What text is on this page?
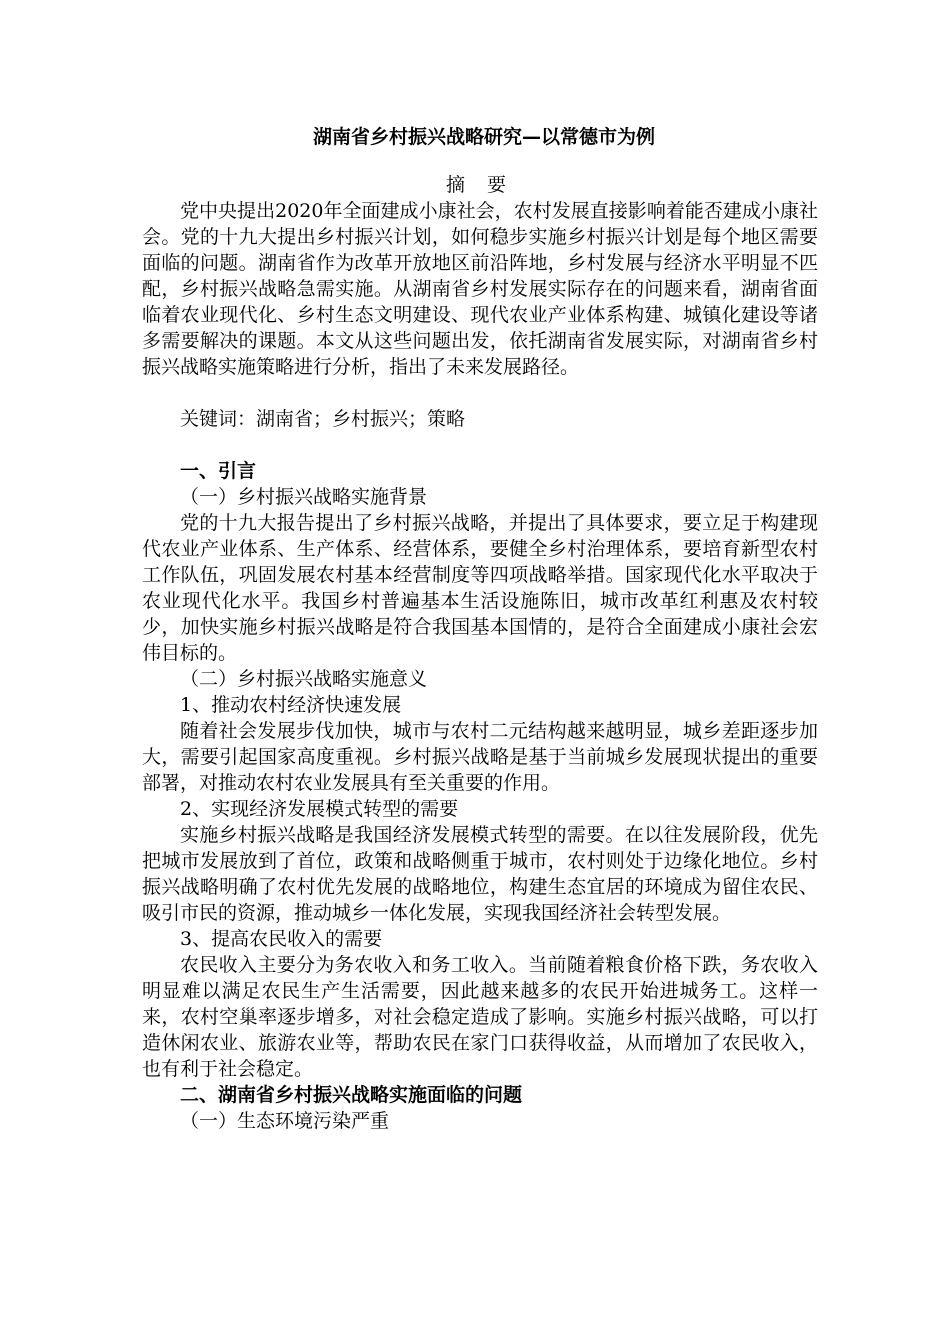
湖南省乡村振兴战略研究—以常德市为例
摘 要

党中央提出2020年全面建成小康社会，农村发展直接影响着能否建成小康社会。党的十九大提出乡村振兴计划，如何稳步实施乡村振兴计划是每个地区需要面临的问题。湖南省作为改革开放地区前沿阵地，乡村发展与经济水平明显不匹配，乡村振兴战略急需实施。从湖南省乡村发展实际存在的问题来看，湖南省面临着农业现代化、乡村生态文明建设、现代农业产业体系构建、城镇化建设等诸多需要解决的课题。本文从这些问题出发，依托湖南省发展实际，对湖南省乡村振兴战略实施策略进行分析，指出了未来发展路径。

关键词：湖南省；乡村振兴；策略

一、引言
（一）乡村振兴战略实施背景

党的十九大报告提出了乡村振兴战略，并提出了具体要求，要立足于构建现代农业产业体系、生产体系、经营体系，要健全乡村治理体系，要培育新型农村工作队伍，巩固发展农村基本经营制度等四项战略举措。国家现代化水平取决于农业现代化水平。我国乡村普遍基本生活设施陈旧，城市改革红利惠及农村较少，加快实施乡村振兴战略是符合我国基本国情的，是符合全面建成小康社会宏伟目标的。

（二）乡村振兴战略实施意义
1、推动农村经济快速发展

随着社会发展步伐加快，城市与农村二元结构越来越明显，城乡差距逐步加大，需要引起国家高度重视。乡村振兴战略是基于当前城乡发展现状提出的重要部署，对推动农村农业发展具有至关重要的作用。

2、实现经济发展模式转型的需要

实施乡村振兴战略是我国经济发展模式转型的需要。在以往发展阶段，优先把城市发展放到了首位，政策和战略侧重于城市，农村则处于边缘化地位。乡村振兴战略明确了农村优先发展的战略地位，构建生态宜居的环境成为留住农民、吸引市民的资源，推动城乡一体化发展，实现我国经济社会转型发展。

3、提高农民收入的需要

农民收入主要分为务农收入和务工收入。当前随着粮食价格下跌，务农收入明显难以满足农民生产生活需要，因此越来越多的农民开始进城务工。这样一来，农村空巢率逐步增多，对社会稳定造成了影响。实施乡村振兴战略，可以打造休闲农业、旅游农业等，帮助农民在家门口获得收益，从而增加了农民收入，也有利于社会稳定。

二、湖南省乡村振兴战略实施面临的问题
（一）生态环境污染严重
